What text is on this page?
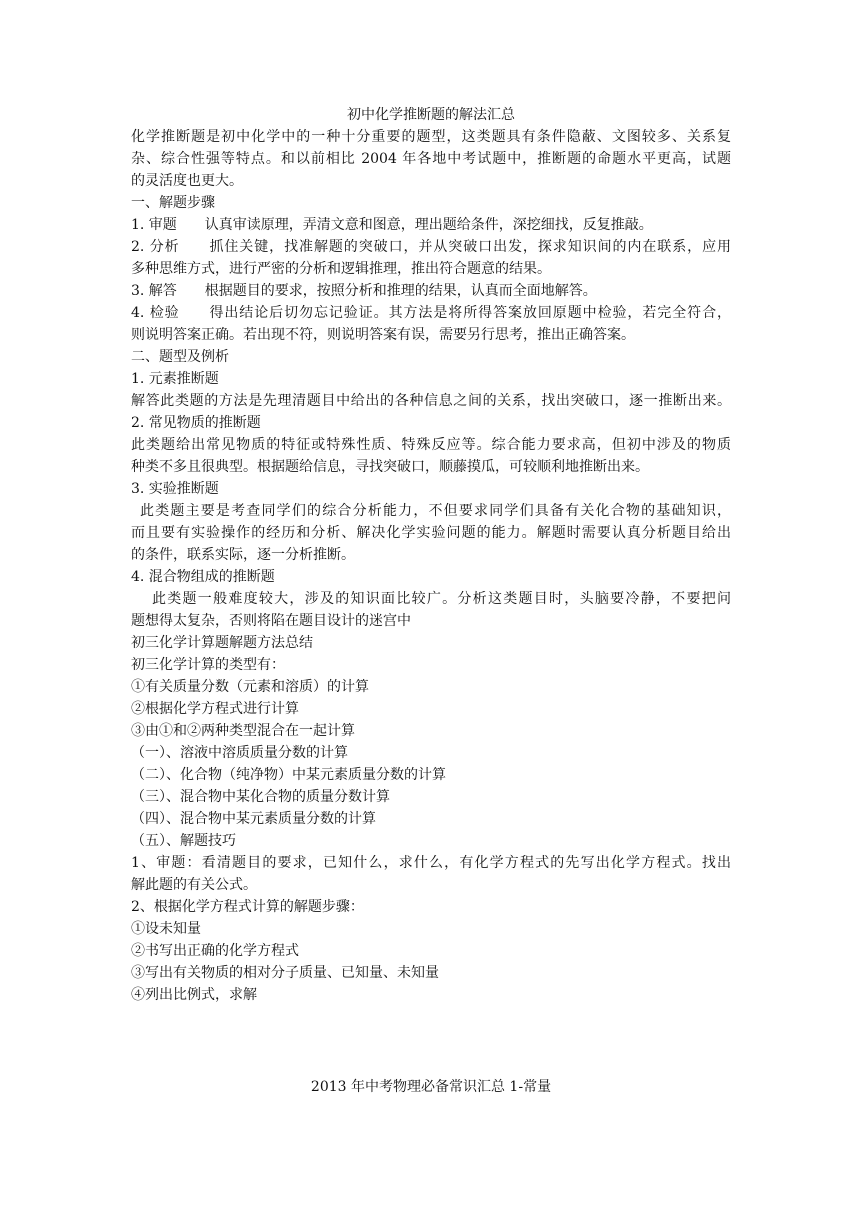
初中化学推断题的解法汇总
化学推断题是初中化学中的一种十分重要的题型，这类题具有条件隐蔽、文图较多、关系复
杂、综合性强等特点。和以前相比 2004 年各地中考试题中，推断题的命题水平更高，试题
的灵活度也更大。
一、解题步骤
1. 审题　　认真审读原理，弄清文意和图意，理出题给条件，深挖细找，反复推敲。
2. 分析　　抓住关键，找准解题的突破口，并从突破口出发，探求知识间的内在联系，应用
多种思维方式，进行严密的分析和逻辑推理，推出符合题意的结果。
3. 解答　　根据题目的要求，按照分析和推理的结果，认真而全面地解答。
4. 检验　　得出结论后切勿忘记验证。其方法是将所得答案放回原题中检验，若完全符合，
则说明答案正确。若出现不符，则说明答案有误，需要另行思考，推出正确答案。
二、题型及例析
1. 元素推断题
解答此类题的方法是先理清题目中给出的各种信息之间的关系，找出突破口，逐一推断出来。
2. 常见物质的推断题
此类题给出常见物质的特征或特殊性质、特殊反应等。综合能力要求高，但初中涉及的物质
种类不多且很典型。根据题给信息，寻找突破口，顺藤摸瓜，可较顺利地推断出来。
3. 实验推断题
此类题主要是考查同学们的综合分析能力，不但要求同学们具备有关化合物的基础知识，
而且要有实验操作的经历和分析、解决化学实验问题的能力。解题时需要认真分析题目给出
的条件，联系实际，逐一分析推断。
4. 混合物组成的推断题
此类题一般难度较大，涉及的知识面比较广。分析这类题目时，头脑要冷静，不要把问
题想得太复杂，否则将陷在题目设计的迷宫中
初三化学计算题解题方法总结
初三化学计算的类型有：
①有关质量分数（元素和溶质）的计算
②根据化学方程式进行计算
③由①和②两种类型混合在一起计算
（一）、溶液中溶质质量分数的计算
（二）、化合物（纯净物）中某元素质量分数的计算
（三）、混合物中某化合物的质量分数计算
（四）、混合物中某元素质量分数的计算
（五）、解题技巧
1、审题：看清题目的要求，已知什么，求什么，有化学方程式的先写出化学方程式。找出
解此题的有关公式。
2、根据化学方程式计算的解题步骤：
①设未知量
②书写出正确的化学方程式
③写出有关物质的相对分子质量、已知量、未知量
④列出比例式，求解
2013 年中考物理必备常识汇总 1-常量
